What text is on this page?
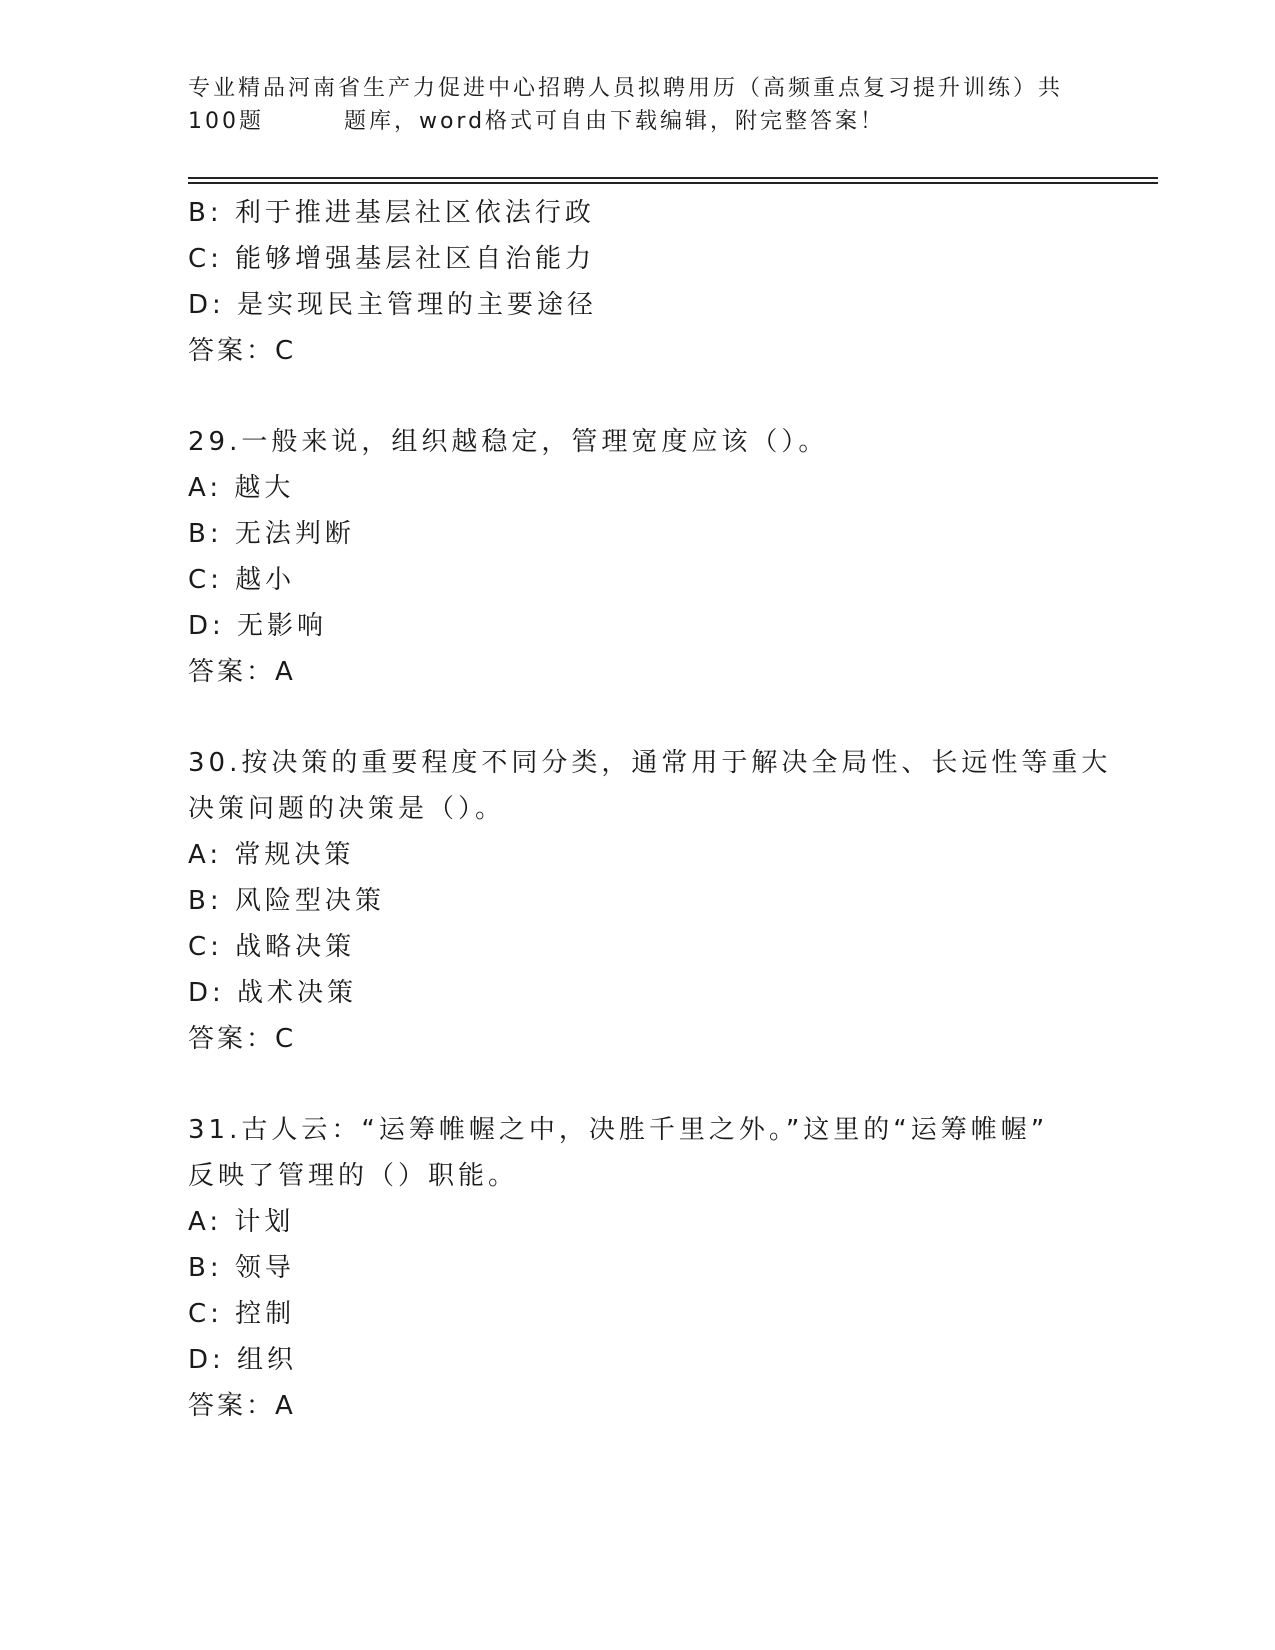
专业精品河南省生产力促进中心招聘人员拟聘用历（高频重点复习提升训练）共
100题	题库，word格式可自由下载编辑，附完整答案！
B: 利于推进基层社区依法行政
C: 能够增强基层社区自治能力
D: 是实现民主管理的主要途径
答案：C
29.一般来说，组织越稳定，管理宽度应该（）。
A: 越大
B: 无法判断
C: 越小
D: 无影响
答案：A
30.按决策的重要程度不同分类，通常用于解决全局性、长远性等重大
决策问题的决策是（）。
A: 常规决策
B: 风险型决策
C: 战略决策
D: 战术决策
答案：C
31.古人云：“运筹帷幄之中，决胜千里之外。”这里的“运筹帷幄”
反映了管理的（）职能。
A: 计划
B: 领导
C: 控制
D: 组织
答案：A
